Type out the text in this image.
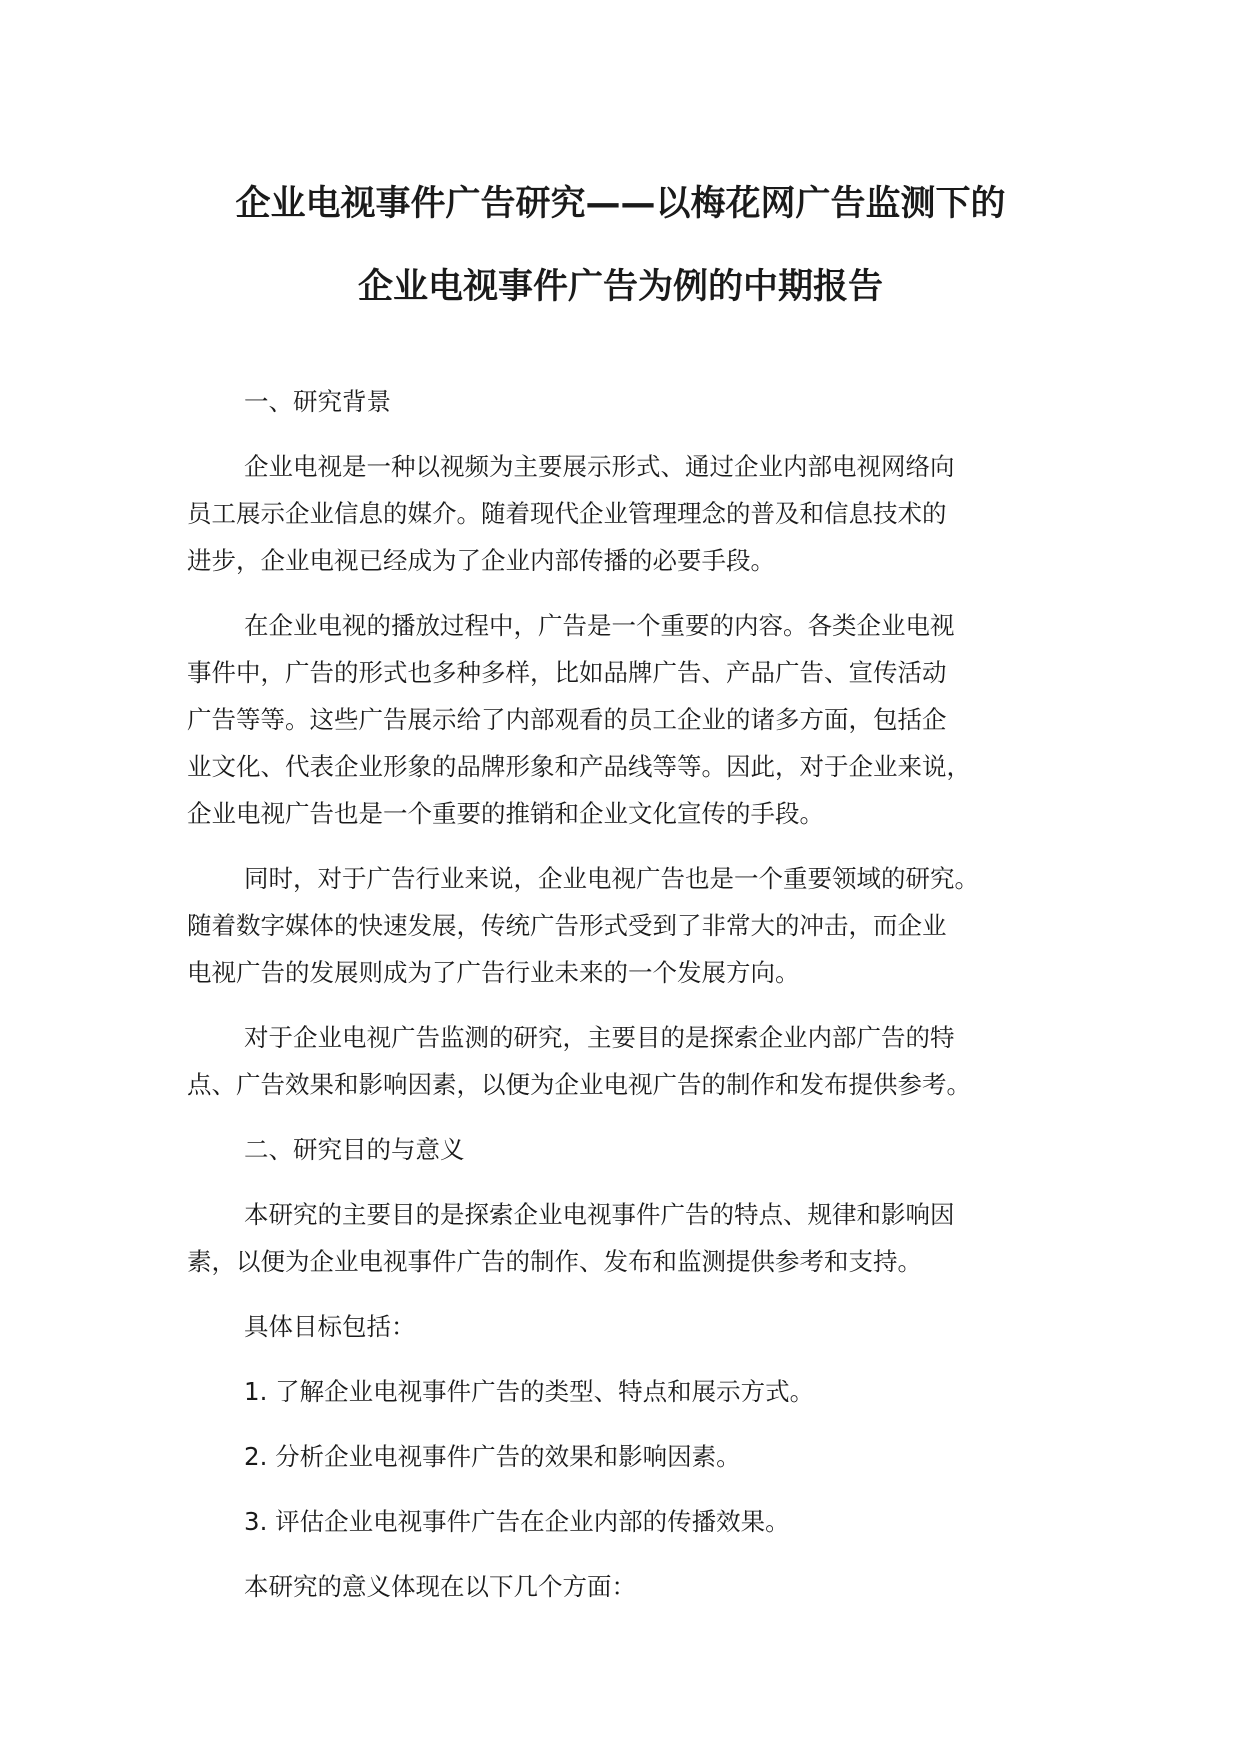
企业电视事件广告研究——以梅花网广告监测下的
企业电视事件广告为例的中期报告
一、研究背景
企业电视是一种以视频为主要展示形式、通过企业内部电视网络向
员工展示企业信息的媒介。随着现代企业管理理念的普及和信息技术的
进步，企业电视已经成为了企业内部传播的必要手段。
在企业电视的播放过程中，广告是一个重要的内容。各类企业电视
事件中，广告的形式也多种多样，比如品牌广告、产品广告、宣传活动
广告等等。这些广告展示给了内部观看的员工企业的诸多方面，包括企
业文化、代表企业形象的品牌形象和产品线等等。因此，对于企业来说，
企业电视广告也是一个重要的推销和企业文化宣传的手段。
同时，对于广告行业来说，企业电视广告也是一个重要领域的研究。
随着数字媒体的快速发展，传统广告形式受到了非常大的冲击，而企业
电视广告的发展则成为了广告行业未来的一个发展方向。
对于企业电视广告监测的研究，主要目的是探索企业内部广告的特
点、广告效果和影响因素，以便为企业电视广告的制作和发布提供参考。
二、研究目的与意义
本研究的主要目的是探索企业电视事件广告的特点、规律和影响因
素，以便为企业电视事件广告的制作、发布和监测提供参考和支持。
具体目标包括：
1. 了解企业电视事件广告的类型、特点和展示方式。
2. 分析企业电视事件广告的效果和影响因素。
3. 评估企业电视事件广告在企业内部的传播效果。
本研究的意义体现在以下几个方面：
